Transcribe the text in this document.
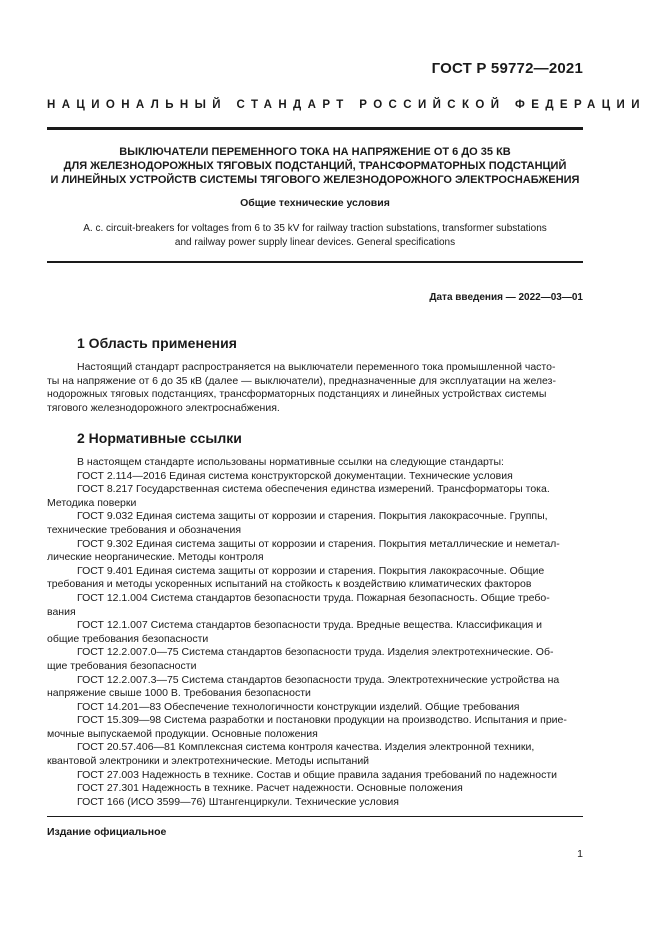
ГОСТ Р 59772—2021
НАЦИОНАЛЬНЫЙ СТАНДАРТ РОССИЙСКОЙ ФЕДЕРАЦИИ
ВЫКЛЮЧАТЕЛИ ПЕРЕМЕННОГО ТОКА НА НАПРЯЖЕНИЕ ОТ 6 ДО 35 КВ
ДЛЯ ЖЕЛЕЗНОДОРОЖНЫХ ТЯГОВЫХ ПОДСТАНЦИЙ, ТРАНСФОРМАТОРНЫХ ПОДСТАНЦИЙ
И ЛИНЕЙНЫХ УСТРОЙСТВ СИСТЕМЫ ТЯГОВОГО ЖЕЛЕЗНОДОРОЖНОГО ЭЛЕКТРОСНАБЖЕНИЯ
Общие технические условия
A. c. circuit-breakers for voltages from 6 to 35 kV for railway traction substations, transformer substations
and railway power supply linear devices. General specifications
Дата введения — 2022—03—01
1 Область применения
Настоящий стандарт распространяется на выключатели переменного тока промышленной часто-
ты на напряжение от 6 до 35 кВ (далее — выключатели), предназначенные для эксплуатации на желез-
нодорожных тяговых подстанциях, трансформаторных подстанциях и линейных устройствах системы
тягового железнодорожного электроснабжения.
2 Нормативные ссылки
В настоящем стандарте использованы нормативные ссылки на следующие стандарты:
ГОСТ 2.114—2016 Единая система конструкторской документации. Технические условия
ГОСТ 8.217 Государственная система обеспечения единства измерений. Трансформаторы тока.
Методика поверки
ГОСТ 9.032 Единая система защиты от коррозии и старения. Покрытия лакокрасочные. Группы,
технические требования и обозначения
ГОСТ 9.302 Единая система защиты от коррозии и старения. Покрытия металлические и неметал-
лические неорганические. Методы контроля
ГОСТ 9.401 Единая система защиты от коррозии и старения. Покрытия лакокрасочные. Общие
требования и методы ускоренных испытаний на стойкость к воздействию климатических факторов
ГОСТ 12.1.004 Система стандартов безопасности труда. Пожарная безопасность. Общие требо-
вания
ГОСТ 12.1.007 Система стандартов безопасности труда. Вредные вещества. Классификация и
общие требования безопасности
ГОСТ 12.2.007.0—75 Система стандартов безопасности труда. Изделия электротехнические. Об-
щие требования безопасности
ГОСТ 12.2.007.3—75 Система стандартов безопасности труда. Электротехнические устройства на
напряжение свыше 1000 В. Требования безопасности
ГОСТ 14.201—83 Обеспечение технологичности конструкции изделий. Общие требования
ГОСТ 15.309—98 Система разработки и постановки продукции на производство. Испытания и прие-
мочные выпускаемой продукции. Основные положения
ГОСТ 20.57.406—81 Комплексная система контроля качества. Изделия электронной техники,
квантовой электроники и электротехнические. Методы испытаний
ГОСТ 27.003 Надежность в технике. Состав и общие правила задания требований по надежности
ГОСТ 27.301 Надежность в технике. Расчет надежности. Основные положения
ГОСТ 166 (ИСО 3599—76) Штангенциркули. Технические условия
Издание официальное
1
